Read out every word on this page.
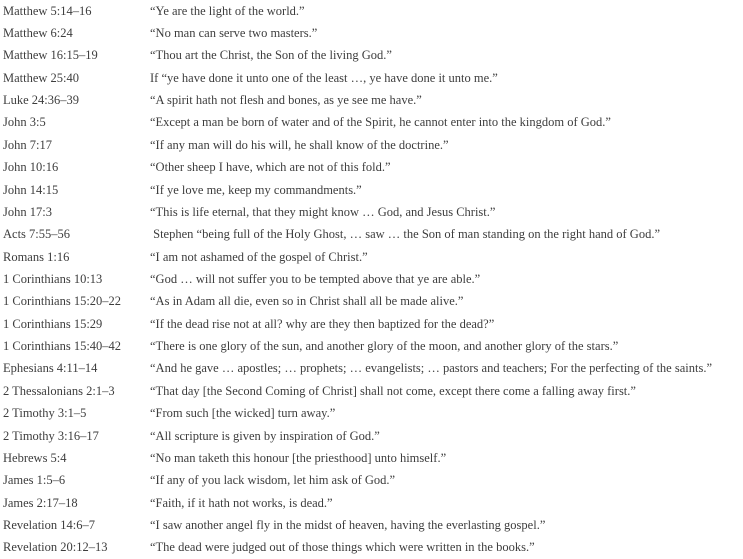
Matthew 5:14–16	“Ye are the light of the world.”
Matthew 6:24	“No man can serve two masters.”
Matthew 16:15–19	“Thou art the Christ, the Son of the living God.”
Matthew 25:40	If “ye have done it unto one of the least …, ye have done it unto me.”
Luke 24:36–39	“A spirit hath not flesh and bones, as ye see me have.”
John 3:5	“Except a man be born of water and of the Spirit, he cannot enter into the kingdom of God.”
John 7:17	“If any man will do his will, he shall know of the doctrine.”
John 10:16	“Other sheep I have, which are not of this fold.”
John 14:15	“If ye love me, keep my commandments.”
John 17:3	“This is life eternal, that they might know … God, and Jesus Christ.”
Acts 7:55–56	Stephen “being full of the Holy Ghost, … saw … the Son of man standing on the right hand of God.”
Romans 1:16	“I am not ashamed of the gospel of Christ.”
1 Corinthians 10:13	“God … will not suffer you to be tempted above that ye are able.”
1 Corinthians 15:20–22	“As in Adam all die, even so in Christ shall all be made alive.”
1 Corinthians 15:29	“If the dead rise not at all? why are they then baptized for the dead?”
1 Corinthians 15:40–42	“There is one glory of the sun, and another glory of the moon, and another glory of the stars.”
Ephesians 4:11–14	“And he gave … apostles; … prophets; … evangelists; … pastors and teachers; For the perfecting of the saints.”
2 Thessalonians 2:1–3	“That day [the Second Coming of Christ] shall not come, except there come a falling away first.”
2 Timothy 3:1–5	“From such [the wicked] turn away.”
2 Timothy 3:16–17	“All scripture is given by inspiration of God.”
Hebrews 5:4	“No man taketh this honour [the priesthood] unto himself.”
James 1:5–6	“If any of you lack wisdom, let him ask of God.”
James 2:17–18	“Faith, if it hath not works, is dead.”
Revelation 14:6–7	“I saw another angel fly in the midst of heaven, having the everlasting gospel.”
Revelation 20:12–13	“The dead were judged out of those things which were written in the books.”
